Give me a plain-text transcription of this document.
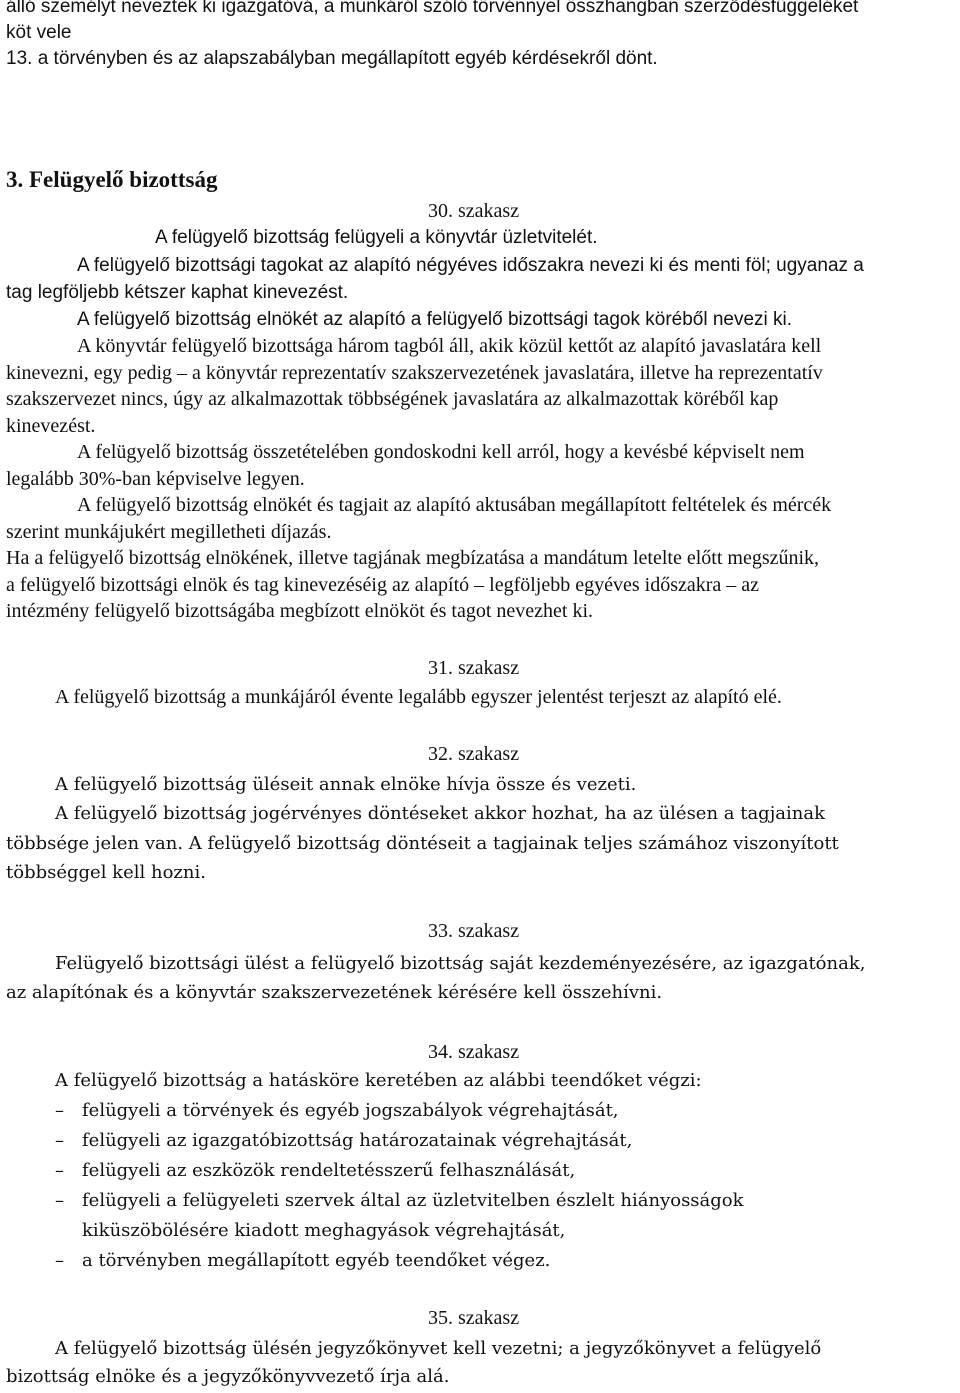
álló személyt neveztek ki igazgatóvá, a munkáról szóló törvénnyel összhangban szerződésfüggeléket

köt vele

13. a törvényben és az alapszabályban megállapított egyéb kérdésekről dönt.

3. Felügyelő bizottság

30. szakasz

A felügyelő bizottság felügyeli a könyvtár üzletvitelét.

A felügyelő bizottsági tagokat az alapító négyéves időszakra nevezi ki és menti föl; ugyanaz a

tag legföljebb kétszer kaphat kinevezést.

A felügyelő bizottság elnökét az alapító a felügyelő bizottsági tagok köréből nevezi ki.

A könyvtár felügyelő bizottsága három tagból áll, akik közül kettőt az alapító javaslatára kell

kinevezni, egy pedig – a könyvtár reprezentatív szakszervezetének javaslatára, illetve ha reprezentatív

szakszervezet nincs, úgy az alkalmazottak többségének javaslatára az alkalmazottak köréből kap

kinevezést.

A felügyelő bizottság összetételében gondoskodni kell arról, hogy a kevésbé képviselt nem

legalább 30%-ban képviselve legyen.

A felügyelő bizottság elnökét és tagjait az alapító aktusában megállapított feltételek és mércék

szerint munkájukért megilletheti díjazás.

Ha a felügyelő bizottság elnökének, illetve tagjának megbízatása a mandátum letelte előtt megszűnik,

a felügyelő bizottsági elnök és tag kinevezéséig az alapító – legföljebb egyéves időszakra – az

intézmény felügyelő bizottságába megbízott elnököt és tagot nevezhet ki.

31. szakasz

A felügyelő bizottság a munkájáról évente legalább egyszer jelentést terjeszt az alapító elé.

32. szakasz

A felügyelő bizottság üléseit annak elnöke hívja össze és vezeti.

A felügyelő bizottság jogérvényes döntéseket akkor hozhat, ha az ülésen a tagjainak

többsége jelen van. A felügyelő bizottság döntéseit a tagjainak teljes számához viszonyított

többséggel kell hozni.

33. szakasz

Felügyelő bizottsági ülést a felügyelő bizottság saját kezdeményezésére, az igazgatónak,

az alapítónak és a könyvtár szakszervezetének kérésére kell összehívni.

34. szakasz

A felügyelő bizottság a hatásköre keretében az alábbi teendőket végzi:

– felügyeli a törvények és egyéb jogszabályok végrehajtását,

– felügyeli az igazgatóbizottság határozatainak végrehajtását,

– felügyeli az eszközök rendeltetésszerű felhasználását,

– felügyeli a felügyeleti szervek által az üzletvitelben észlelt hiányosságok

kiküszöbölésére kiadott meghagyások végrehajtását,

– a törvényben megállapított egyéb teendőket végez.

35. szakasz

A felügyelő bizottság ülésén jegyzőkönyvet kell vezetni; a jegyzőkönyvet a felügyelő

bizottság elnöke és a jegyzőkönyvvezető írja alá.
